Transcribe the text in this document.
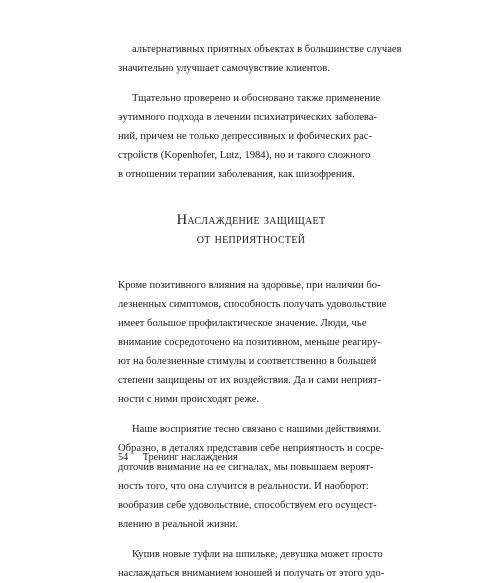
альтернативных приятных объектах в большинстве случаев
значительно улучшает самочувствие клиентов.

Тщательно проверено и обосновано также применение
эутимного подхода в лечении психиатрических заболева-
ний, причем не только депрессивных и фобических рас-
стройств (Kopenhofer, Lutz, 1984), но и такого сложного
в отношении терапии заболевания, как шизофрения.

Наслаждение защищает
от неприятностей

Кроме позитивного влияния на здоровье, при наличии бо-
лезненных симптомов, способность получать удовольствие
имеет большое профилактическое значение. Люди, чье
внимание сосредоточено на позитивном, меньше реагиру-
ют на болезненные стимулы и соответственно в большей
степени защищены от их воздействия. Да и сами неприят-
ности с ними происходят реже.

Наше восприятие тесно связано с нашими действиями.
Образно, в деталях представив себе неприятность и сосре-
доточив внимание на ее сигналах, мы повышаем вероят-
ность того, что она случится в реальности. И наоборот:
вообразив себе удовольствие, способствуем его осущест-
влению в реальной жизни.

Купив новые туфли на шпильке, девушка может просто
наслаждаться вниманием юношей и получать от этого удо-

54 Тренинг наслаждения
